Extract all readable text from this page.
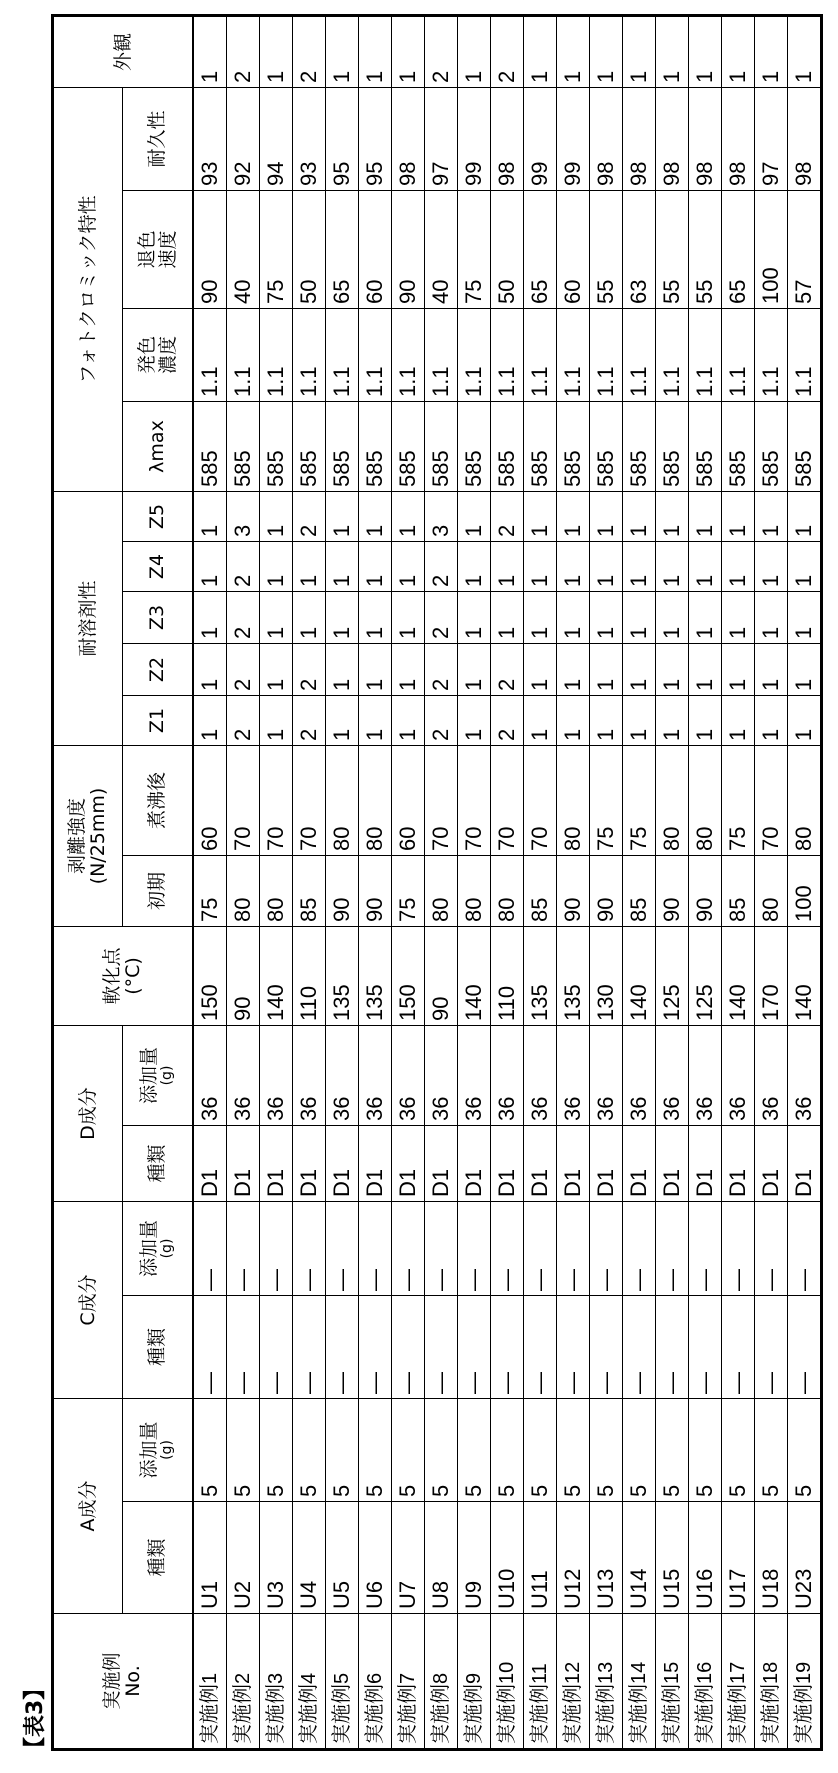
【表3】	実施例
No.	A成分	C成分	D成分	軟化点
(°C)	剥離強度
(N/25mm)	耐溶剤性	フォトクロミック特性	外観
種類	添加量
(g)
	種類	添加量
(g)
	種類	添加量
(g)
	初期	煮沸後	Z1	Z2	Z3	Z4	Z5	λmax	発色
濃度	退色
速度	耐久性
実施例1	U1	5	—	—	D1	36	150	75	60	1	1	1	1	1	585	1.1	90	93	1
実施例2	U2	5	—	—	D1	36	90	80	70	2	2	2	2	3	585	1.1	40	92	2
実施例3	U3	5	—	—	D1	36	140	80	70	1	1	1	1	1	585	1.1	75	94	1
実施例4	U4	5	—	—	D1	36	110	85	70	2	2	1	1	2	585	1.1	50	93	2
実施例5	U5	5	—	—	D1	36	135	90	80	1	1	1	1	1	585	1.1	65	95	1
実施例6	U6	5	—	—	D1	36	135	90	80	1	1	1	1	1	585	1.1	60	95	1
実施例7	U7	5	—	—	D1	36	150	75	60	1	1	1	1	1	585	1.1	90	98	1
実施例8	U8	5	—	—	D1	36	90	80	70	2	2	2	2	3	585	1.1	40	97	2
実施例9	U9	5	—	—	D1	36	140	80	70	1	1	1	1	1	585	1.1	75	99	1
実施例10	U10	5	—	—	D1	36	110	80	70	2	2	1	1	2	585	1.1	50	98	2
実施例11	U11	5	—	—	D1	36	135	85	70	1	1	1	1	1	585	1.1	65	99	1
実施例12	U12	5	—	—	D1	36	135	90	80	1	1	1	1	1	585	1.1	60	99	1
実施例13	U13	5	—	—	D1	36	130	90	75	1	1	1	1	1	585	1.1	55	98	1
実施例14	U14	5	—	—	D1	36	140	85	75	1	1	1	1	1	585	1.1	63	98	1
実施例15	U15	5	—	—	D1	36	125	90	80	1	1	1	1	1	585	1.1	55	98	1
実施例16	U16	5	—	—	D1	36	125	90	80	1	1	1	1	1	585	1.1	55	98	1
実施例17	U17	5	—	—	D1	36	140	85	75	1	1	1	1	1	585	1.1	65	98	1
実施例18	U18	5	—	—	D1	36	170	80	70	1	1	1	1	1	585	1.1	100	97	1
実施例19	U23	5	—	—	D1	36	140	100	80	1	1	1	1	1	585	1.1	57	98	1
